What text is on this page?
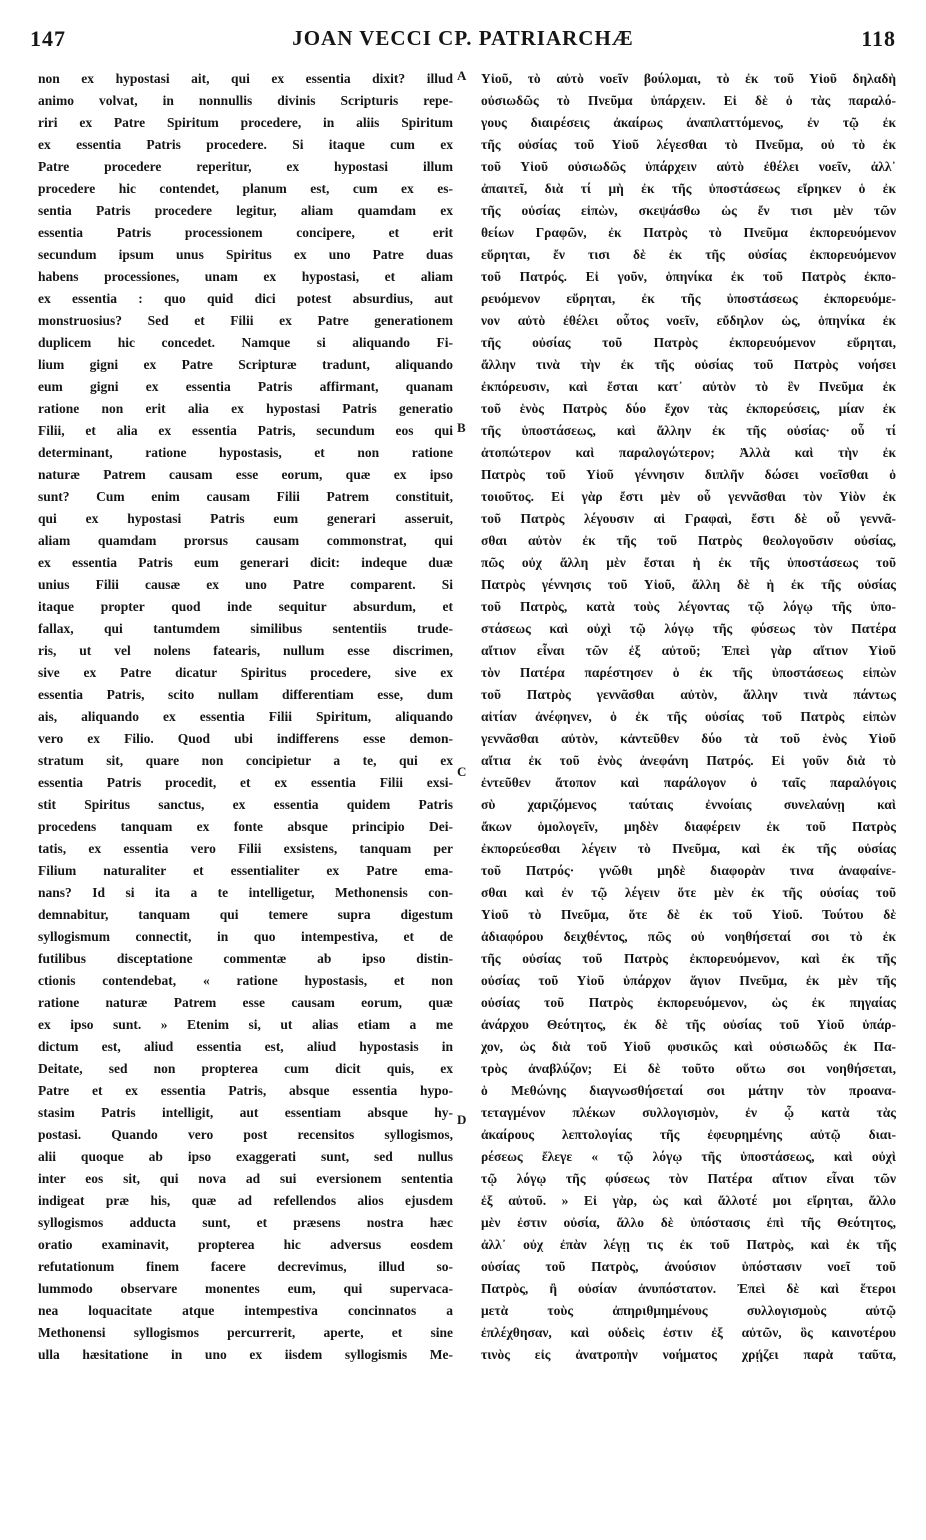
147	JOAN VECCI CP. PATRIARCHÆ	118
non ex hypostasi ait, qui ex essentia dixit? illud
animo volvat, in nonnullis divinis Scripturis repe-
riri ex Patre Spiritum procedere, in aliis Spiritum
ex essentia Patris procedere. Si itaque cum ex
Patre procedere reperitur, ex hypostasi illum
procedere hic contendet, planum est, cum ex es-
sentia Patris procedere legitur, aliam quamdam ex
essentia Patris processionem concipere, et erit
secundum ipsum unus Spiritus ex uno Patre duas
habens processiones, unam ex hypostasi, et aliam
ex essentia : quo quid dici potest absurdius, aut
monstruosius? Sed et Filii ex Patre generationem
duplicem hic concedet. Namque si aliquando Fi-
lium gigni ex Patre Scripturæ tradunt, aliquando
eum gigni ex essentia Patris affirmant, quanam
ratione non erit alia ex hypostasi Patris generatio
Filii, et alia ex essentia Patris, secundum eos qui
determinant, ratione hypostasis, et non ratione
naturæ Patrem causam esse eorum, quæ ex ipso
sunt? Cum enim causam Filii Patrem constituit,
qui ex hypostasi Patris eum generari asseruit,
aliam quamdam prorsus causam commonstrat, qui
ex essentia Patris eum generari dicit: indeque duæ
unius Filii causæ ex uno Patre comparent. Si
itaque propter quod inde sequitur absurdum, et
fallax, qui tantumdem similibus sententiis trude-
ris, ut vel nolens fatearis, nullum esse discrimen,
sive ex Patre dicatur Spiritus procedere, sive ex
essentia Patris, scito nullam differentiam esse, dum
ais, aliquando ex essentia Filii Spiritum, aliquando
vero ex Filio. Quod ubi indifferens esse demon-
stratum sit, quare non concipietur a te, qui ex
essentia Patris procedit, et ex essentia Filii exsi-
stit Spiritus sanctus, ex essentia quidem Patris
procedens tanquam ex fonte absque principio Dei-
tatis, ex essentia vero Filii exsistens, tanquam per
Filium naturaliter et essentialiter ex Patre ema-
nans? Id si ita a te intelligetur, Methonensis con-
demnabitur, tanquam qui temere supra digestum
syllogismum connectit, in quo intempestiva, et de
futilibus disceptatione commentæ ab ipso distin-
ctionis contendebat, « ratione hypostasis, et non
ratione naturæ Patrem esse causam eorum, quæ
ex ipso sunt. » Etenim si, ut alias etiam a me
dictum est, aliud essentia est, aliud hypostasis in
Deitate, sed non propterea cum dicit quis, ex
Patre et ex essentia Patris, absque essentia hypo-
stasim Patris intelligit, aut essentiam absque hy-
postasi. Quando vero post recensitos syllogismos,
alii quoque ab ipso exaggerati sunt, sed nullus
inter eos sit, qui nova ad sui eversionem sententia
indigeat præ his, quæ ad refellendos alios ejusdem
syllogismos adducta sunt, et præsens nostra hæc
oratio examinavit, propterea hic adversus eosdem
refutationum finem facere decrevimus, illud so-
lummodo observare monentes eum, qui supervaca-
nea loquacitate atque intempestiva concinnatos a
Methonensi syllogismos percurrerit, aperte, et sine
ulla hæsitatione in uno ex iisdem syllogismis Me-
Υἱοῦ, τὸ αὐτὸ νοεῖν βούλομαι, τὸ ἐκ τοῦ Υἱοῦ δηλαδὴ
οὐσιωδῶς τὸ Πνεῦμα ὑπάρχειν. Εἰ δὲ ὁ τὰς παραλό-
γους διαιρέσεις ἀκαίρως ἀναπλαττόμενος, ἐν τῷ ἐκ
τῆς οὐσίας τοῦ Υἱοῦ λέγεσθαι τὸ Πνεῦμα, οὐ τὸ ἐκ
τοῦ Υἱοῦ οὐσιωδῶς ὑπάρχειν αὐτὸ ἐθέλει νοεῖν, ἀλλ᾽
ἀπαιτεῖ, διὰ τί μὴ ἐκ τῆς ὑποστάσεως εἴρηκεν ὁ ἐκ
τῆς οὐσίας εἰπὼν, σκεψάσθω ὡς ἔν τισι μὲν τῶν
θείων Γραφῶν, ἐκ Πατρὸς τὸ Πνεῦμα ἐκπορευόμενον
εὕρηται, ἔν τισι δὲ ἐκ τῆς οὐσίας ἐκπορευόμενον
τοῦ Πατρός. Εἰ γοῦν, ὁπηνίκα ἐκ τοῦ Πατρὸς ἐκπο-
ρευόμενον εὕρηται, ἐκ τῆς ὑποστάσεως ἐκπορευόμε-
νον αὐτὸ ἐθέλει οὗτος νοεῖν, εὔδηλον ὡς, ὁπηνίκα ἐκ
τῆς οὐσίας τοῦ Πατρὸς ἐκπορευόμενον εὕρηται,
ἄλλην τινὰ τὴν ἐκ τῆς οὐσίας τοῦ Πατρὸς νοήσει
ἐκπόρευσιν, καὶ ἔσται κατ᾽ αὐτὸν τὸ ἓν Πνεῦμα ἐκ
τοῦ ἑνὸς Πατρὸς δύο ἔχον τὰς ἐκπορεύσεις, μίαν ἐκ
τῆς ὑποστάσεως, καὶ ἄλλην ἐκ τῆς οὐσίας· οὗ τί
ἀτοπώτερον καὶ παραλογώτερον; Ἀλλὰ καὶ τὴν ἐκ
Πατρὸς τοῦ Υἱοῦ γέννησιν διπλῆν δώσει νοεῖσθαι ὁ
τοιοῦτος. Εἰ γὰρ ἔστι μὲν οὗ γεννᾶσθαι τὸν Υἱὸν ἐκ
τοῦ Πατρὸς λέγουσιν αἱ Γραφαὶ, ἔστι δὲ οὗ γεννᾶ-
σθαι αὐτὸν ἐκ τῆς τοῦ Πατρὸς θεολογοῦσιν οὐσίας,
πῶς οὐχ ἄλλη μὲν ἔσται ἡ ἐκ τῆς ὑποστάσεως τοῦ
Πατρὸς γέννησις τοῦ Υἱοῦ, ἄλλη δὲ ἡ ἐκ τῆς οὐσίας
τοῦ Πατρὸς, κατὰ τοὺς λέγοντας τῷ λόγῳ τῆς ὑπο-
στάσεως καὶ οὐχὶ τῷ λόγῳ τῆς φύσεως τὸν Πατέρα
αἴτιον εἶναι τῶν ἐξ αὐτοῦ; Ἐπεὶ γὰρ αἴτιον Υἱοῦ
τὸν Πατέρα παρέστησεν ὁ ἐκ τῆς ὑποστάσεως εἰπὼν
τοῦ Πατρὸς γεννᾶσθαι αὐτὸν, ἄλλην τινὰ πάντως
αἰτίαν ἀνέφηνεν, ὁ ἐκ τῆς οὐσίας τοῦ Πατρὸς εἰπὼν
γεννᾶσθαι αὐτὸν, κἀντεῦθεν δύο τὰ τοῦ ἑνὸς Υἱοῦ
αἴτια ἐκ τοῦ ἑνὸς ἀνεφάνη Πατρός. Εἰ γοῦν διὰ τὸ
ἐντεῦθεν ἄτοπον καὶ παράλογον ὁ ταῖς παραλόγοις
σὺ χαριζόμενος ταύταις ἐννοίαις συνελαύνῃ καὶ
ἄκων ὁμολογεῖν, μηδὲν διαφέρειν ἐκ τοῦ Πατρὸς
ἐκπορεύεσθαι λέγειν τὸ Πνεῦμα, καὶ ἐκ τῆς οὐσίας
τοῦ Πατρός· γνῶθι μηδὲ διαφορὰν τινα ἀναφαίνε-
σθαι καὶ ἐν τῷ λέγειν ὅτε μὲν ἐκ τῆς οὐσίας τοῦ
Υἱοῦ τὸ Πνεῦμα, ὅτε δὲ ἐκ τοῦ Υἱοῦ. Τούτου δὲ
ἀδιαφόρου δειχθέντος, πῶς οὐ νοηθήσεταί σοι τὸ ἐκ
τῆς οὐσίας τοῦ Πατρὸς ἐκπορευόμενον, καὶ ἐκ τῆς
οὐσίας τοῦ Υἱοῦ ὑπάρχον ἅγιον Πνεῦμα, ἐκ μὲν τῆς
οὐσίας τοῦ Πατρὸς ἐκπορευόμενον, ὡς ἐκ πηγαίας
ἀνάρχου Θεότητος, ἐκ δὲ τῆς οὐσίας τοῦ Υἱοῦ ὑπάρ-
χον, ὡς διὰ τοῦ Υἱοῦ φυσικῶς καὶ οὐσιωδῶς ἐκ Πα-
τρὸς ἀναβλύζον; Εἰ δὲ τοῦτο οὕτω σοι νοηθήσεται,
ὁ Μεθώνης διαγνωσθήσεταί σοι μάτην τὸν προανα-
τεταγμένον πλέκων συλλογισμὸν, ἐν ᾧ κατὰ τὰς
ἀκαίρους λεπτολογίας τῆς ἐφευρημένης αὐτῷ διαι-
ρέσεως ἔλεγε « τῷ λόγῳ τῆς ὑποστάσεως, καὶ οὐχὶ
τῷ λόγῳ τῆς φύσεως τὸν Πατέρα αἴτιον εἶναι τῶν
ἐξ αὐτοῦ. » Εἰ γὰρ, ὡς καὶ ἄλλοτέ μοι εἴρηται, ἄλλο
μὲν ἐστιν οὐσία, ἄλλο δὲ ὑπόστασις ἐπὶ τῆς Θεότητος,
ἀλλ᾽ οὐχ ἐπὰν λέγῃ τις ἐκ τοῦ Πατρὸς, καὶ ἐκ τῆς
οὐσίας τοῦ Πατρὸς, ἀνούσιον ὑπόστασιν νοεῖ τοῦ
Πατρὸς, ἢ οὐσίαν ἀνυπόστατον. Ἐπεὶ δὲ καὶ ἕτεροι
μετὰ τοὺς ἀπηριθμημένους συλλογισμοὺς αὐτῷ
ἐπλέχθησαν, καὶ οὐδεὶς ἐστιν ἐξ αὐτῶν, ὃς καινοτέρου
τινὸς εἰς ἀνατροπὴν νοήματος χρῄζει παρὰ ταῦτα,
A
B
C
D
